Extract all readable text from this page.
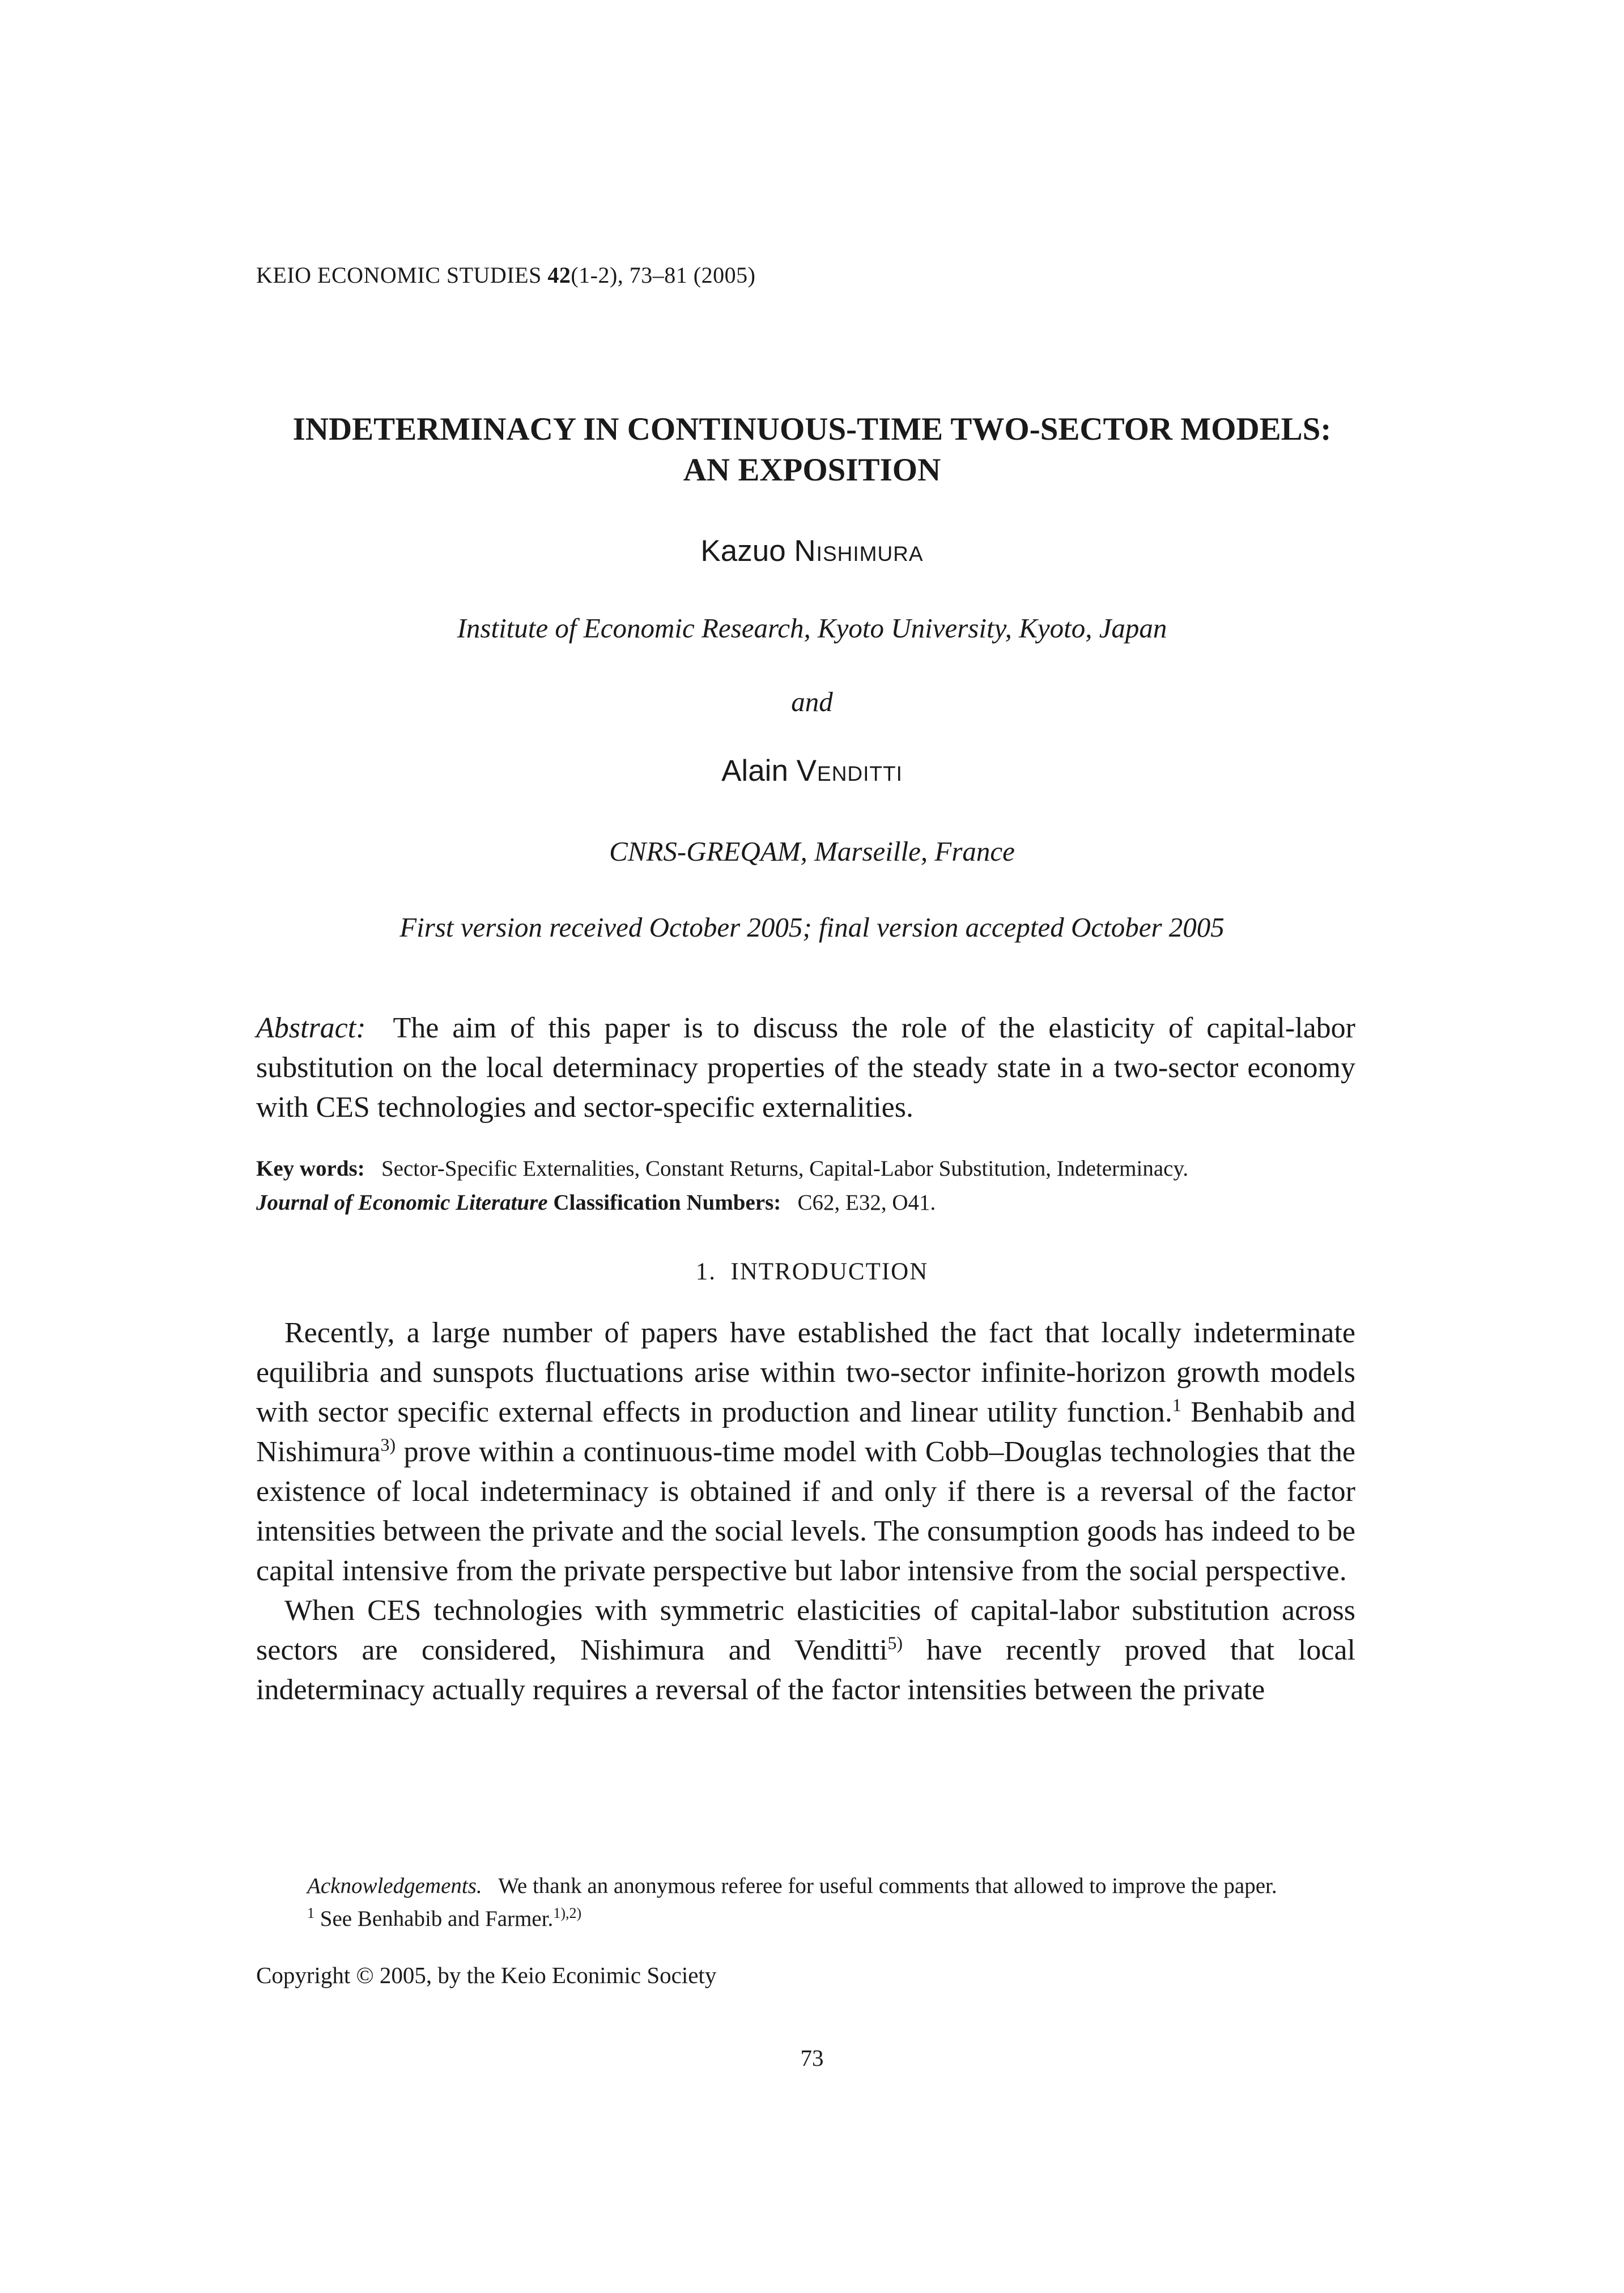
KEIO ECONOMIC STUDIES 42(1-2), 73–81 (2005)
INDETERMINACY IN CONTINUOUS-TIME TWO-SECTOR MODELS:
AN EXPOSITION
Kazuo Nishimura
Institute of Economic Research, Kyoto University, Kyoto, Japan
and
Alain Venditti
CNRS-GREQAM, Marseille, France
First version received October 2005; final version accepted October 2005
Abstract: The aim of this paper is to discuss the role of the elasticity of capital-labor substitution on the local determinacy properties of the steady state in a two-sector economy with CES technologies and sector-specific externalities.
Key words: Sector-Specific Externalities, Constant Returns, Capital-Labor Substitution, Indeterminacy.
Journal of Economic Literature Classification Numbers: C62, E32, O41.
1. INTRODUCTION

Recently, a large number of papers have established the fact that locally indeterminate equilibria and sunspots fluctuations arise within two-sector infinite-horizon growth models with sector specific external effects in production and linear utility function.$^1$ Benhabib and Nishimura$^{3)}$ prove within a continuous-time model with Cobb–Douglas technologies that the existence of local indeterminacy is obtained if and only if there is a reversal of the factor intensities between the private and the social levels. The consumption goods has indeed to be capital intensive from the private perspective but labor intensive from the social perspective.

When CES technologies with symmetric elasticities of capital-labor substitution across sectors are considered, Nishimura and Venditti$^{5)}$ have recently proved that local indeterminacy actually requires a reversal of the factor intensities between the private

Acknowledgements. We thank an anonymous referee for useful comments that allowed to improve the paper.

$^1$ See Benhabib and Farmer.$^{1),2)}$

Copyright © 2005, by the Keio Econimic Society
73
